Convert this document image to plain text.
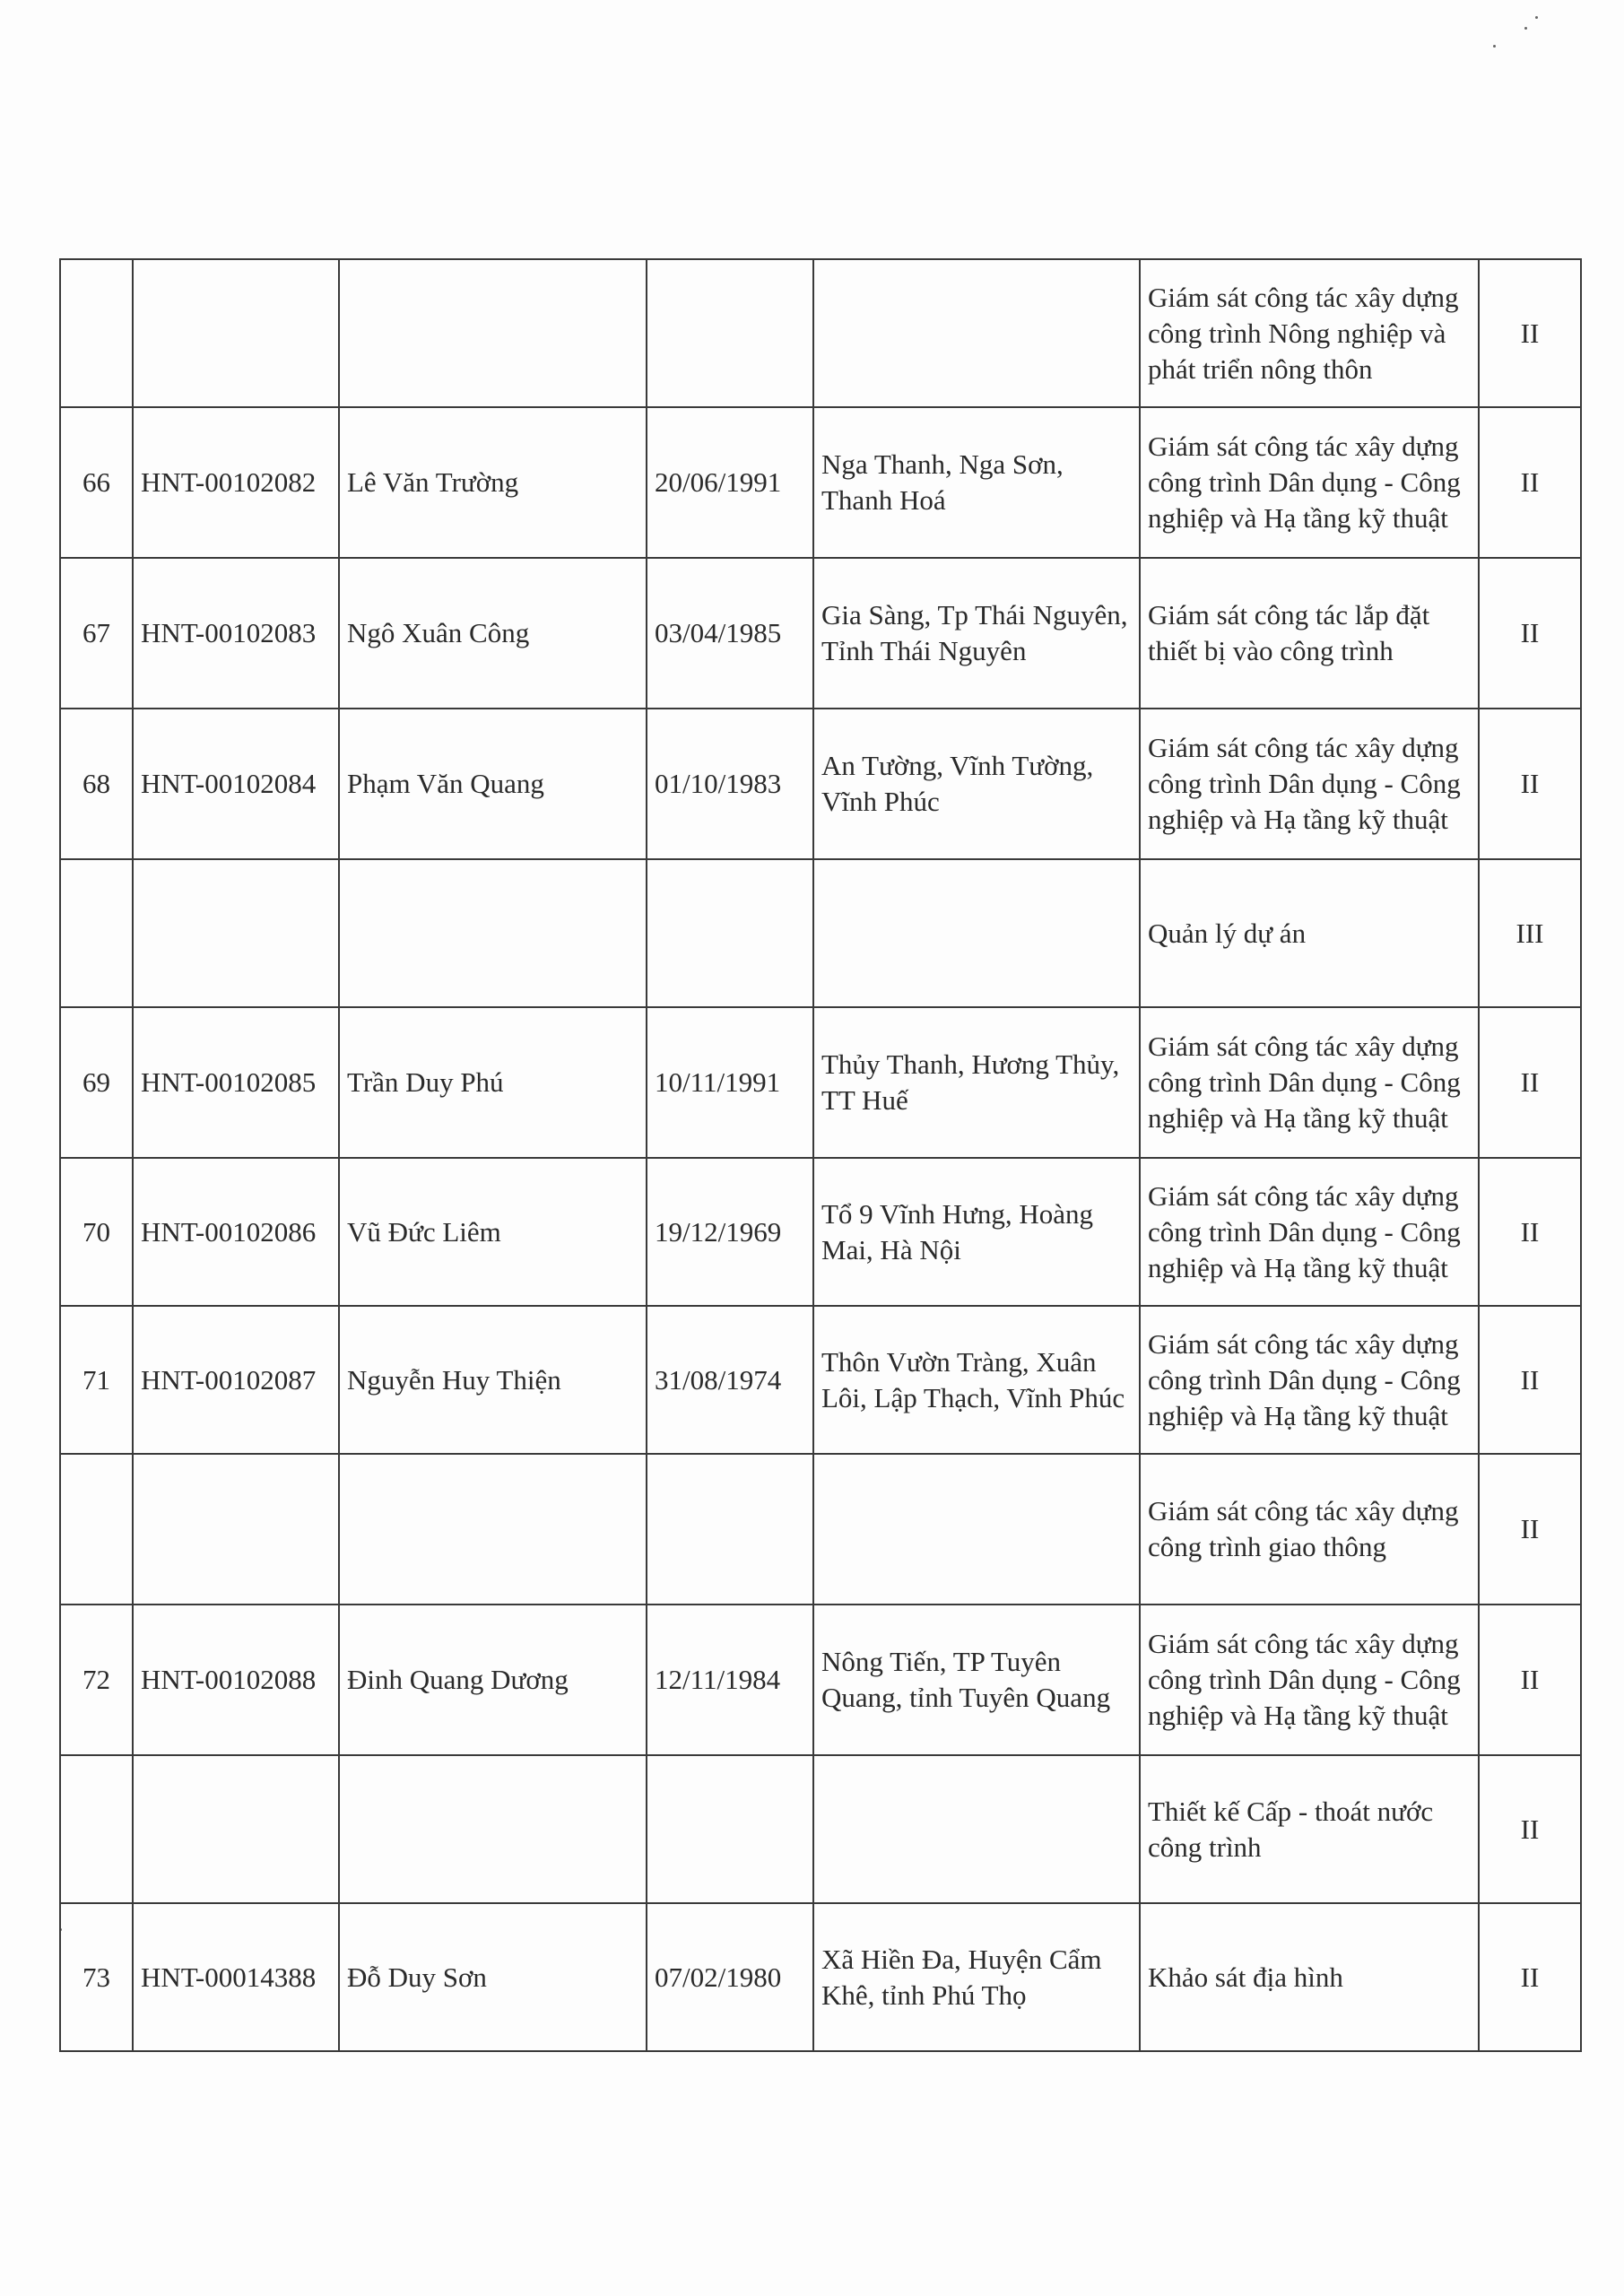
					Giám sát công tác xây dựng công trình Nông nghiệp và phát triển nông thôn	II
66	HNT-00102082	Lê Văn Trường	20/06/1991	Nga Thanh, Nga Sơn, Thanh Hoá	Giám sát công tác xây dựng công trình Dân dụng - Công nghiệp và Hạ tầng kỹ thuật	II
67	HNT-00102083	Ngô Xuân Công	03/04/1985	Gia Sàng, Tp Thái Nguyên, Tỉnh Thái Nguyên	Giám sát công tác lắp đặt thiết bị vào công trình	II
68	HNT-00102084	Phạm Văn Quang	01/10/1983	An Tường, Vĩnh Tường, Vĩnh Phúc	Giám sát công tác xây dựng công trình Dân dụng - Công nghiệp và Hạ tầng kỹ thuật	II
					Quản lý dự án	III
69	HNT-00102085	Trần Duy Phú	10/11/1991	Thủy Thanh, Hương Thủy, TT Huế	Giám sát công tác xây dựng công trình Dân dụng - Công nghiệp và Hạ tầng kỹ thuật	II
70	HNT-00102086	Vũ Đức Liêm	19/12/1969	Tổ 9 Vĩnh Hưng, Hoàng Mai, Hà Nội	Giám sát công tác xây dựng công trình Dân dụng - Công nghiệp và Hạ tầng kỹ thuật	II
71	HNT-00102087	Nguyễn Huy Thiện	31/08/1974	Thôn Vườn Tràng, Xuân Lôi, Lập Thạch, Vĩnh Phúc	Giám sát công tác xây dựng công trình Dân dụng - Công nghiệp và Hạ tầng kỹ thuật	II
					Giám sát công tác xây dựng công trình giao thông	II
72	HNT-00102088	Đinh Quang Dương	12/11/1984	Nông Tiến, TP Tuyên Quang, tỉnh Tuyên Quang	Giám sát công tác xây dựng công trình Dân dụng - Công nghiệp và Hạ tầng kỹ thuật	II
					Thiết kế Cấp - thoát nước công trình	II
73	HNT-00014388	Đỗ Duy Sơn	07/02/1980	Xã Hiền Đa, Huyện Cẩm Khê, tỉnh Phú Thọ	Khảo sát địa hình	II
